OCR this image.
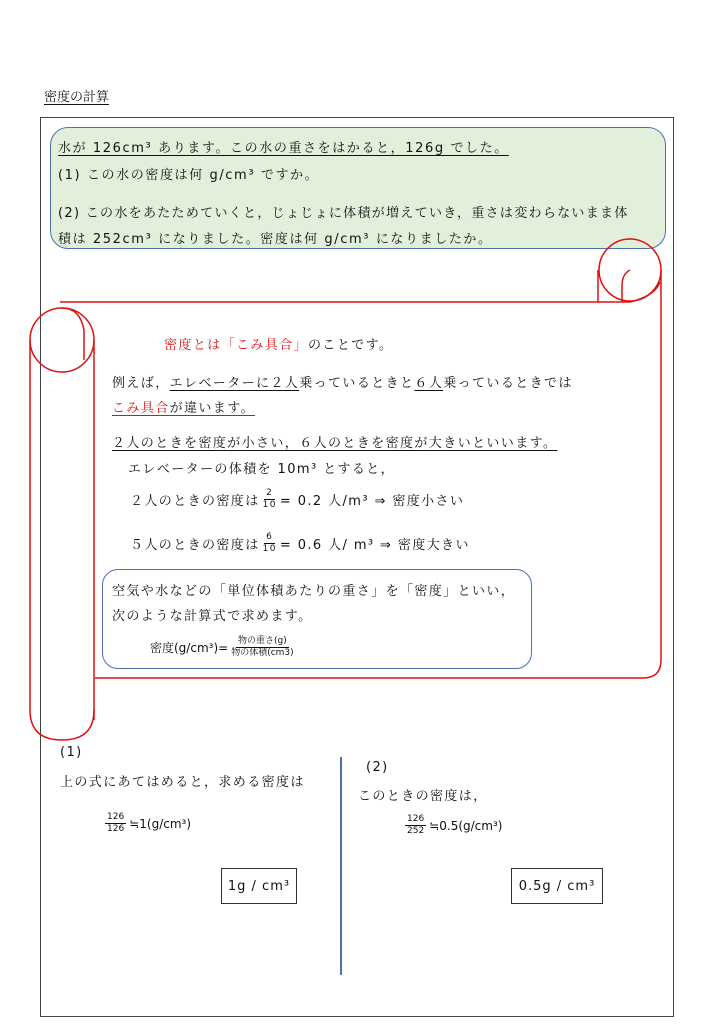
密度の計算
水が 126cm³ あります。この水の重さをはかると，126g でした。
(1) この水の密度は何 g/cm³ ですか。
(2) この水をあたためていくと，じょじょに体積が増えていき，重さは変わらないまま体
積は 252cm³ になりました。密度は何 g/cm³ になりましたか。
密度とは「こみ具合」のことです。
例えば，エレベーターに２人乗っているときと６人乗っているときでは
こみ具合が違います。
２人のときを密度が小さい，６人のときを密度が大きいといいます。
エレベーターの体積を 10m³ とすると，
２人のときの密度は $\frac{2}{10} = 0.2$ 人/m³ ⇒ 密度小さい
５人のときの密度は $\frac{6}{10} = 0.6$ 人/ m³ ⇒ 密度大きい
空気や水などの「単位体積あたりの重さ」を「密度」といい，
次のような計算式で求めます。
密度$(g/cm^3)= \frac{\text{物の重さ(g)}}{\text{物の体積(cm3)}}$
(1)
上の式にあてはめると，求める密度は
$\frac{126}{126}$ ≒1(g/cm³)
1g / cm³
(2)
このときの密度は，
$\frac{126}{252}$ ≒0.5(g/cm³)
0.5g / cm³
